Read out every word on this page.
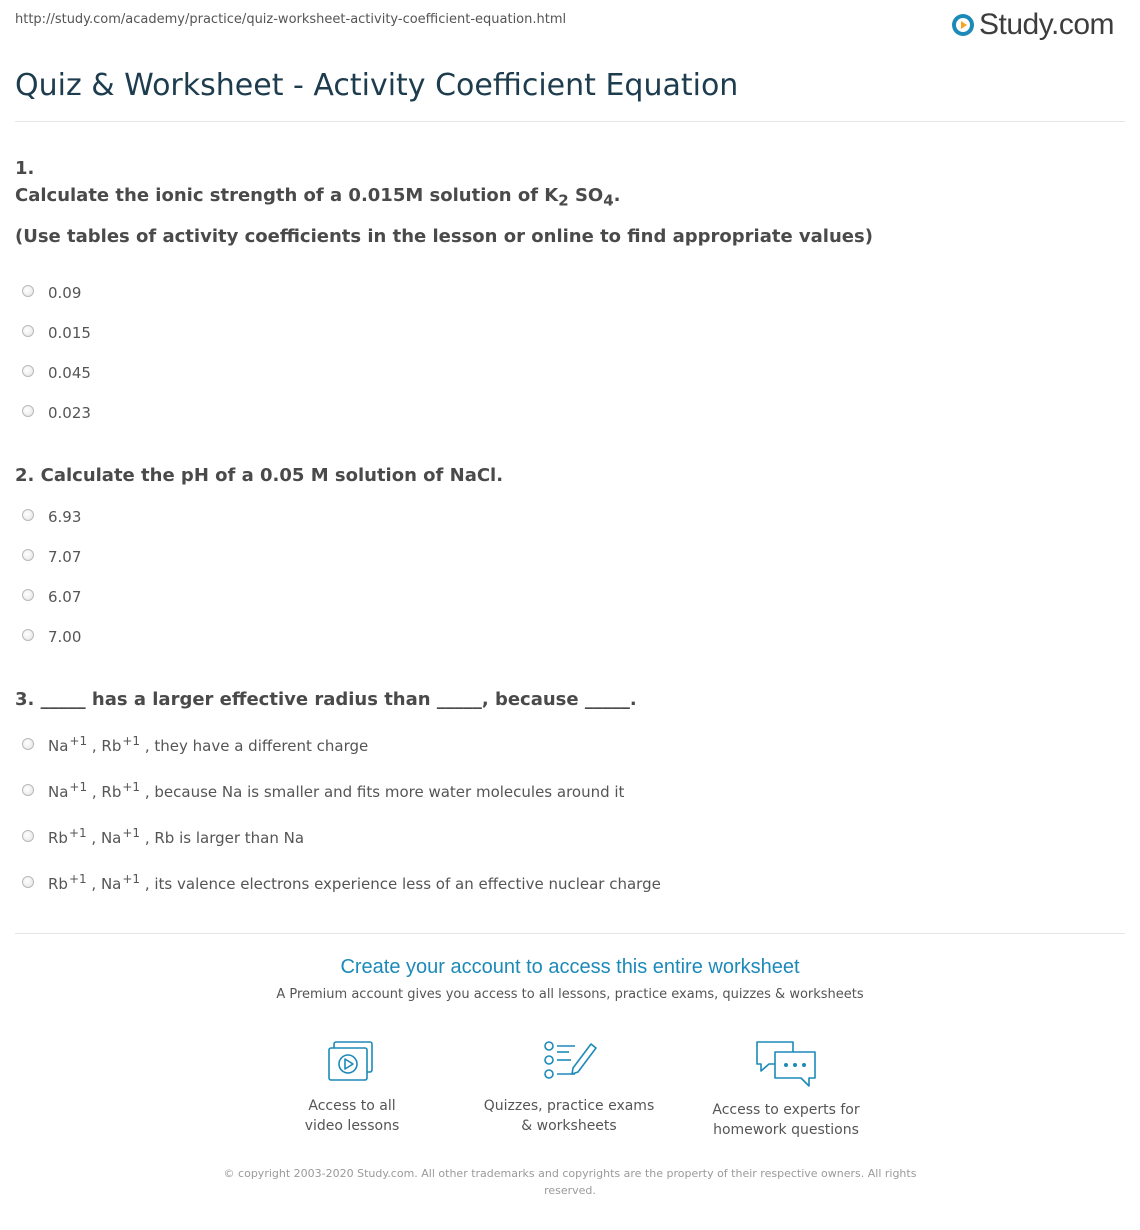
http://study.com/academy/practice/quiz-worksheet-activity-coefficient-equation.html	Study.com
Quiz & Worksheet - Activity Coefficient Equation

1.

Calculate the ionic strength of a 0.015M solution of $K_2$ $SO_4$.

(Use tables of activity coefficients in the lesson or online to find appropriate values)

0.09
0.015
0.045
0.023

2. Calculate the pH of a 0.05 M solution of NaCl.

6.93
7.07
6.07
7.00

3. _____ has a larger effective radius than _____, because _____.

$Na^{+1}$ , $Rb^{+1}$ , they have a different charge
$Na^{+1}$ , $Rb^{+1}$ , because Na is smaller and fits more water molecules around it
$Rb^{+1}$ , $Na^{+1}$ , Rb is larger than Na
$Rb^{+1}$ , $Na^{+1}$ , its valence electrons experience less of an effective nuclear charge
Create your account to access this entire worksheet
A Premium account gives you access to all lessons, practice exams, quizzes & worksheets
Access to all
video lessons
Quizzes, practice exams
& worksheets
Access to experts for
homework questions
© copyright 2003-2020 Study.com. All other trademarks and copyrights are the property of their respective owners. All rights reserved.
